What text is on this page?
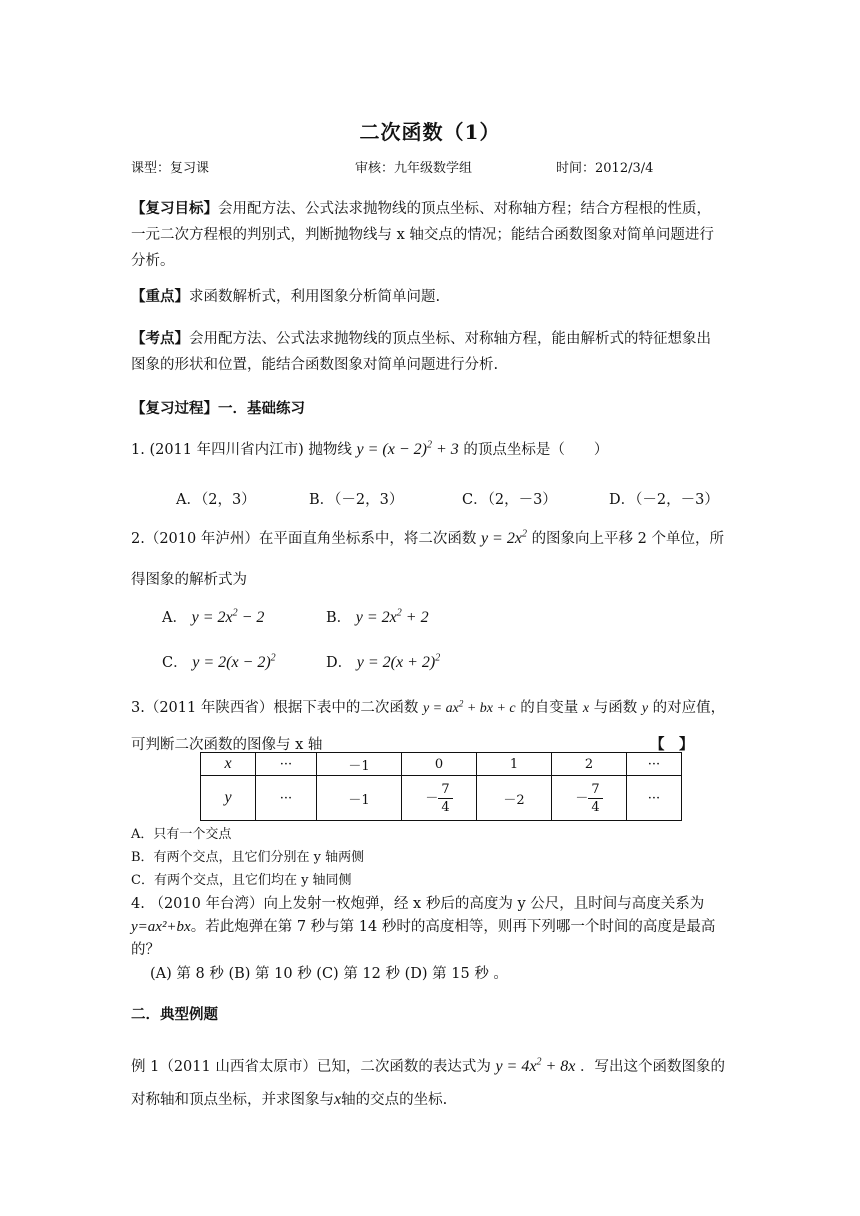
二次函数（1）
课型：复习课	审核：九年级数学组	时间：2012/3/4
【复习目标】会用配方法、公式法求抛物线的顶点坐标、对称轴方程；结合方程根的性质，
一元二次方程根的判别式，判断抛物线与 x 轴交点的情况；能结合函数图象对简单问题进行
分析。
【重点】求函数解析式，利用图象分析简单问题.
【考点】会用配方法、公式法求抛物线的顶点坐标、对称轴方程，能由解析式的特征想象出
图象的形状和位置，能结合函数图象对简单问题进行分析.
【复习过程】一．基础练习
1. (2011 年四川省内江市) 抛物线 $y = (x - 2)^2 + 3$ 的顶点坐标是（　　）
A．（2，3）	B．（－2，3）	C．（2，－3）	D．（－2，－3）
2.（2010 年泸州）在平面直角坐标系中，将二次函数 $y = 2x^2$ 的图象向上平移 2 个单位，所
得图象的解析式为
A． $y = 2x^2 - 2$	B． $y = 2x^2 + 2$
C． $y = 2(x - 2)^2$	D． $y = 2(x + 2)^2$
3.（2011 年陕西省）根据下表中的二次函数 $y = ax^2$ + bx + c 的自变量 x 与函数 y 的对应值，
可判断二次函数的图像与 x 轴	【　】
x	···	－1	0	1	2	···
y	···	－1	－ $\frac{7}{4}$	－2	－ $\frac{7}{4}$	···
A．只有一个交点
B．有两个交点，且它们分别在 y 轴两侧
C．有两个交点，且它们均在 y 轴同侧
4. （2010 年台湾）向上发射一枚炮弹，经 x 秒后的高度为 y 公尺，且时间与高度关系为
y=ax²+bx。若此炮弹在第 7 秒与第 14 秒时的高度相等，则再下列哪一个时间的高度是最高
的？
(A) 第 8 秒 (B) 第 10 秒 (C) 第 12 秒 (D) 第 15 秒 。
二．典型例题
例 1（2011 山西省太原市）已知，二次函数的表达式为 $y = 4x^2 + 8x$ ．写出这个函数图象的
对称轴和顶点坐标，并求图象与x轴的交点的坐标.
